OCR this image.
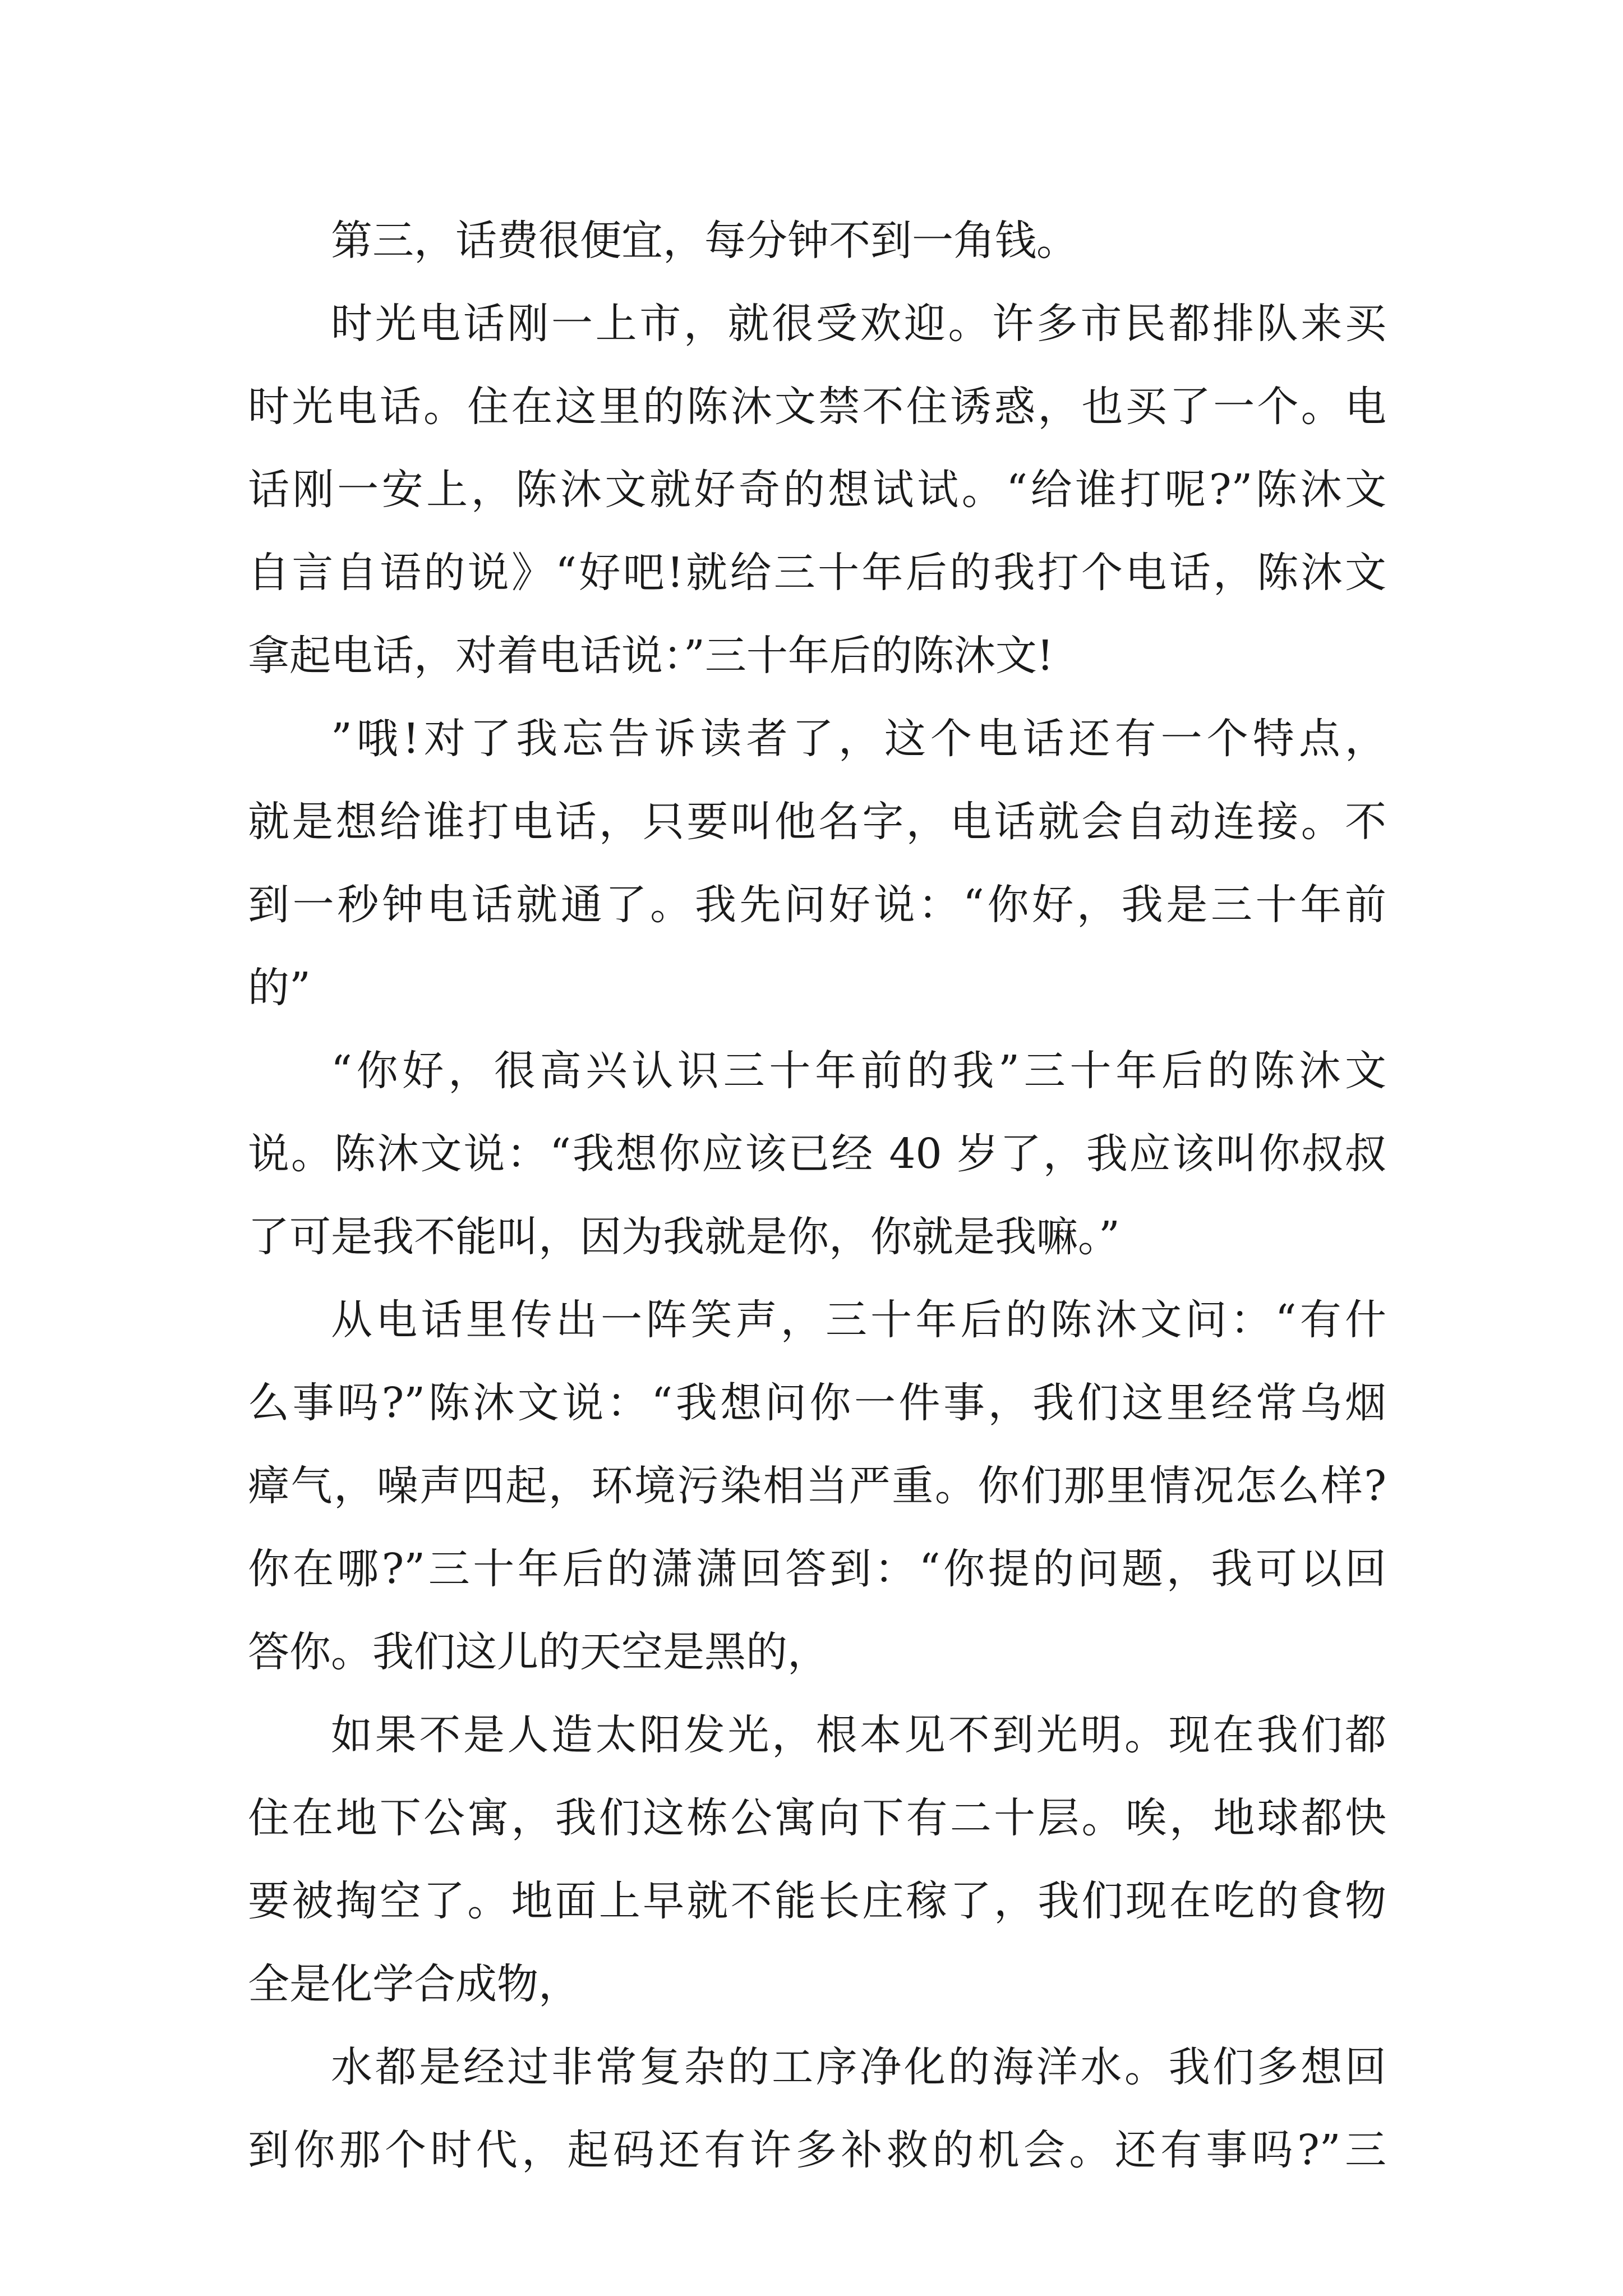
第三，话费很便宜，每分钟不到一角钱。
时光电话刚一上市，就很受欢迎。许多市民都排队来买
时光电话。住在这里的陈沐文禁不住诱惑，也买了一个。电
话刚一安上，陈沐文就好奇的想试试。“给谁打呢?”陈沐文
自言自语的说》“好吧!就给三十年后的我打个电话，陈沐文
拿起电话，对着电话说：”三十年后的陈沐文!
”哦!对了我忘告诉读者了，这个电话还有一个特点，
就是想给谁打电话，只要叫他名字，电话就会自动连接。不
到一秒钟电话就通了。我先问好说：“你好，我是三十年前
的”
“你好，很高兴认识三十年前的我”三十年后的陈沐文
说。陈沐文说：“我想你应该已经 40 岁了，我应该叫你叔叔
了可是我不能叫，因为我就是你，你就是我嘛。”
从电话里传出一阵笑声，三十年后的陈沐文问：“有什
么事吗?”陈沐文说：“我想问你一件事，我们这里经常乌烟
瘴气，噪声四起，环境污染相当严重。你们那里情况怎么样?
你在哪?”三十年后的潇潇回答到：“你提的问题，我可以回
答你。我们这儿的天空是黑的，
如果不是人造太阳发光，根本见不到光明。现在我们都
住在地下公寓，我们这栋公寓向下有二十层。唉，地球都快
要被掏空了。地面上早就不能长庄稼了，我们现在吃的食物
全是化学合成物，
水都是经过非常复杂的工序净化的海洋水。我们多想回
到你那个时代，起码还有许多补救的机会。还有事吗?”三
